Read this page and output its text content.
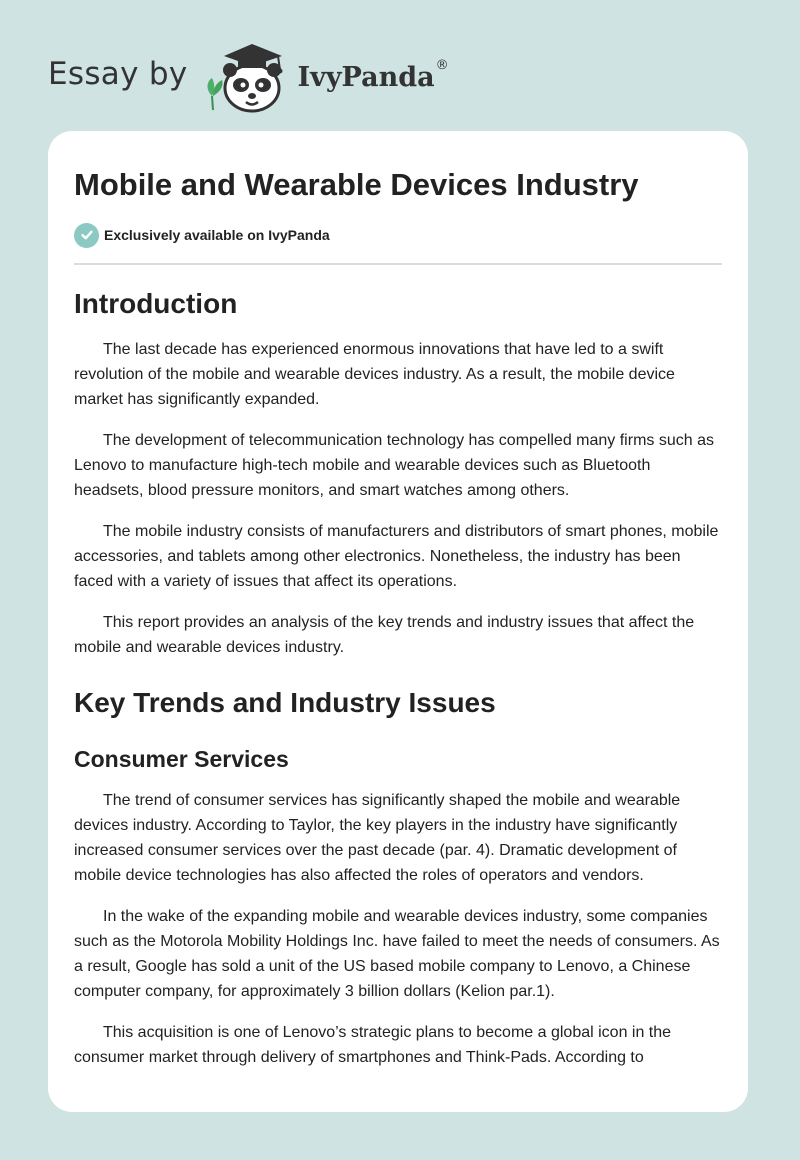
Essay by	IvyPanda ®
Mobile and Wearable Devices Industry
Exclusively available on IvyPanda
Introduction

The last decade has experienced enormous innovations that have led to a swift revolution of the mobile and wearable devices industry. As a result, the mobile device market has significantly expanded.

The development of telecommunication technology has compelled many firms such as Lenovo to manufacture high-tech mobile and wearable devices such as Bluetooth headsets, blood pressure monitors, and smart watches among others.

The mobile industry consists of manufacturers and distributors of smart phones, mobile accessories, and tablets among other electronics. Nonetheless, the industry has been faced with a variety of issues that affect its operations.

This report provides an analysis of the key trends and industry issues that affect the mobile and wearable devices industry.

Key Trends and Industry Issues
Consumer Services

The trend of consumer services has significantly shaped the mobile and wearable devices industry. According to Taylor, the key players in the industry have significantly increased consumer services over the past decade (par. 4). Dramatic development of mobile device technologies has also affected the roles of operators and vendors.

In the wake of the expanding mobile and wearable devices industry, some companies such as the Motorola Mobility Holdings Inc. have failed to meet the needs of consumers. As a result, Google has sold a unit of the US based mobile company to Lenovo, a Chinese computer company, for approximately 3 billion dollars (Kelion par.1).

This acquisition is one of Lenovo’s strategic plans to become a global icon in the consumer market through delivery of smartphones and Think-Pads. According to
